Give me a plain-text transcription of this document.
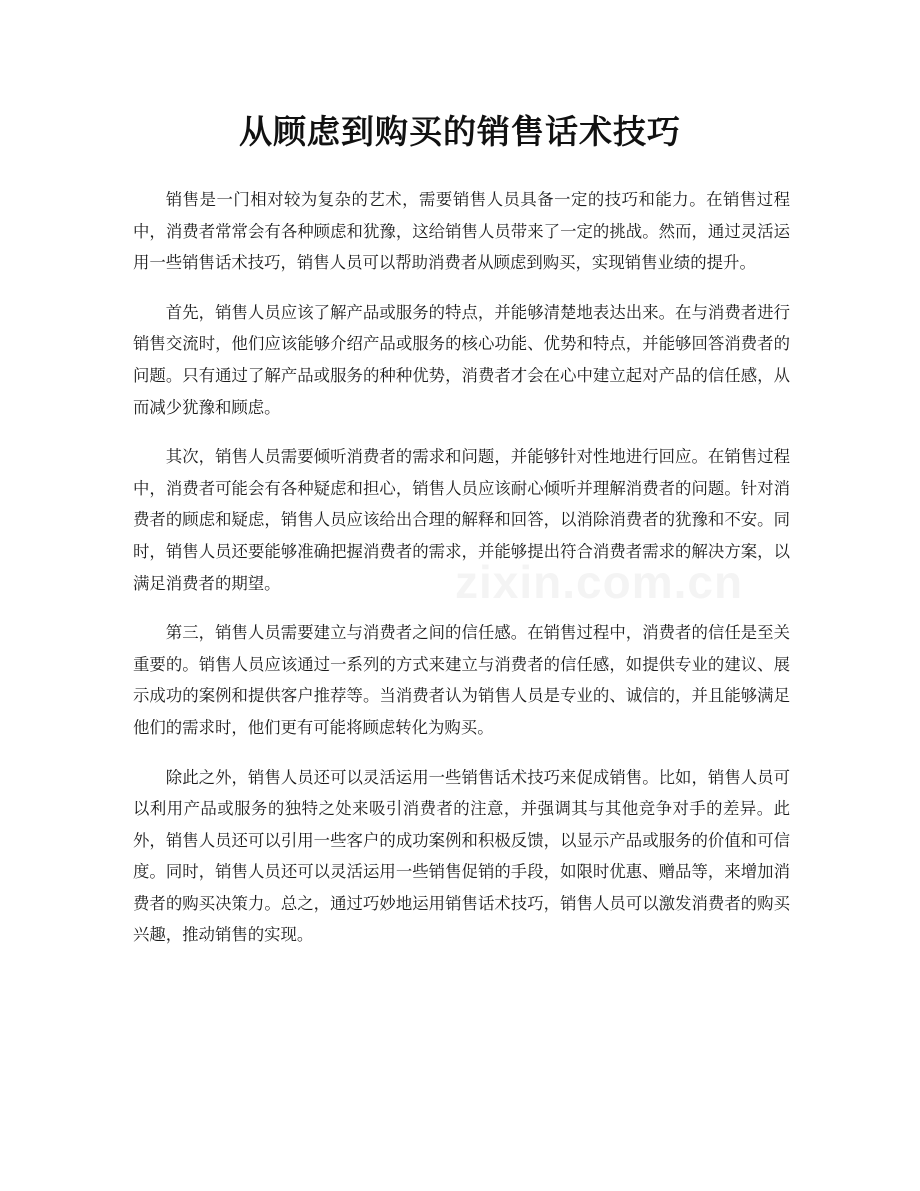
从顾虑到购买的销售话术技巧

销售是一门相对较为复杂的艺术，需要销售人员具备一定的技巧和能力。在销售过程中，消费者常常会有各种顾虑和犹豫，这给销售人员带来了一定的挑战。然而，通过灵活运用一些销售话术技巧，销售人员可以帮助消费者从顾虑到购买，实现销售业绩的提升。

首先，销售人员应该了解产品或服务的特点，并能够清楚地表达出来。在与消费者进行销售交流时，他们应该能够介绍产品或服务的核心功能、优势和特点，并能够回答消费者的问题。只有通过了解产品或服务的种种优势，消费者才会在心中建立起对产品的信任感，从而减少犹豫和顾虑。

其次，销售人员需要倾听消费者的需求和问题，并能够针对性地进行回应。在销售过程中，消费者可能会有各种疑虑和担心，销售人员应该耐心倾听并理解消费者的问题。针对消费者的顾虑和疑虑，销售人员应该给出合理的解释和回答，以消除消费者的犹豫和不安。同时，销售人员还要能够准确把握消费者的需求，并能够提出符合消费者需求的解决方案，以满足消费者的期望。

第三，销售人员需要建立与消费者之间的信任感。在销售过程中，消费者的信任是至关重要的。销售人员应该通过一系列的方式来建立与消费者的信任感，如提供专业的建议、展示成功的案例和提供客户推荐等。当消费者认为销售人员是专业的、诚信的，并且能够满足他们的需求时，他们更有可能将顾虑转化为购买。

除此之外，销售人员还可以灵活运用一些销售话术技巧来促成销售。比如，销售人员可以利用产品或服务的独特之处来吸引消费者的注意，并强调其与其他竞争对手的差异。此外，销售人员还可以引用一些客户的成功案例和积极反馈，以显示产品或服务的价值和可信度。同时，销售人员还可以灵活运用一些销售促销的手段，如限时优惠、赠品等，来增加消费者的购买决策力。总之，通过巧妙地运用销售话术技巧，销售人员可以激发消费者的购买兴趣，推动销售的实现。

zixin.com.cn
